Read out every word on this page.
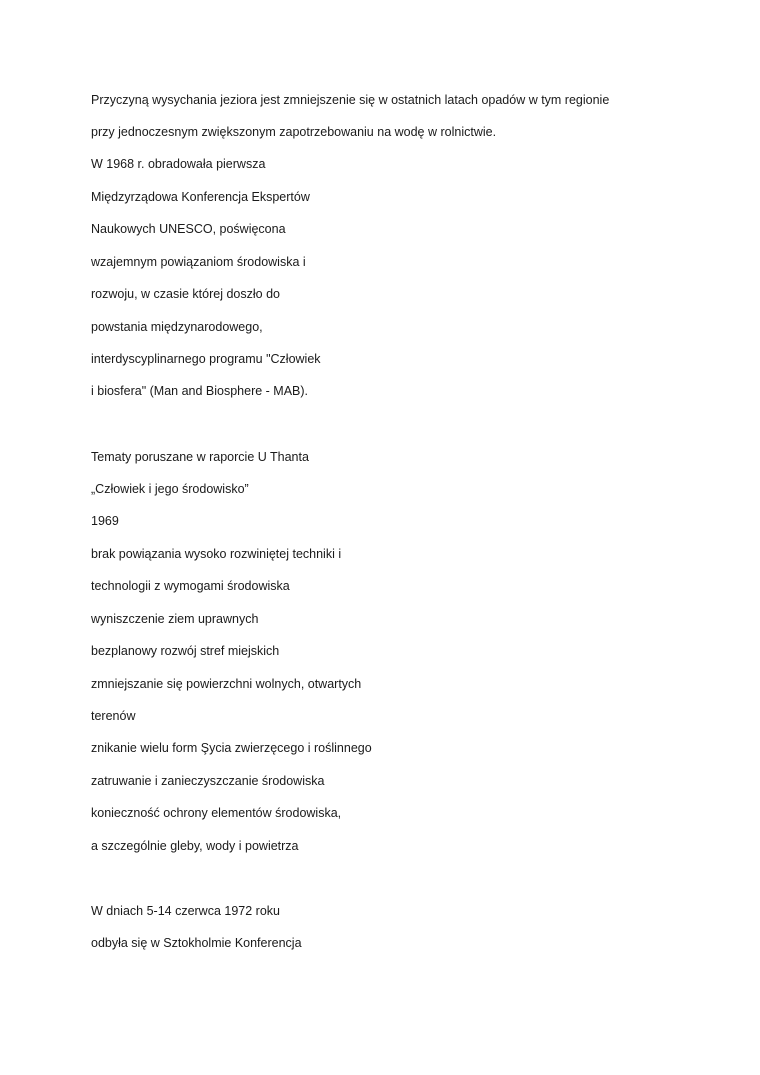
Przyczyną wysychania jeziora jest zmniejszenie się w ostatnich latach opadów w tym regionie
przy jednoczesnym zwiększonym zapotrzebowaniu na wodę w rolnictwie.
W 1968 r. obradowała pierwsza
Międzyrządowa Konferencja Ekspertów
Naukowych UNESCO, poświęcona
wzajemnym powiązaniom środowiska i
rozwoju, w czasie której doszło do
powstania międzynarodowego,
interdyscyplinarnego programu "Człowiek
i biosfera" (Man and Biosphere - MAB).
Tematy poruszane w raporcie U Thanta
„Człowiek i jego środowisko”
1969
brak powiązania wysoko rozwiniętej techniki i
technologii z wymogami środowiska
wyniszczenie ziem uprawnych
bezplanowy rozwój stref miejskich
zmniejszanie się powierzchni wolnych, otwartych
terenów
znikanie wielu form Şycia zwierzęcego i roślinnego
zatruwanie i zanieczyszczanie środowiska
konieczność ochrony elementów środowiska,
a szczególnie gleby, wody i powietrza
W dniach 5-14 czerwca 1972 roku
odbyła się w Sztokholmie Konferencja
